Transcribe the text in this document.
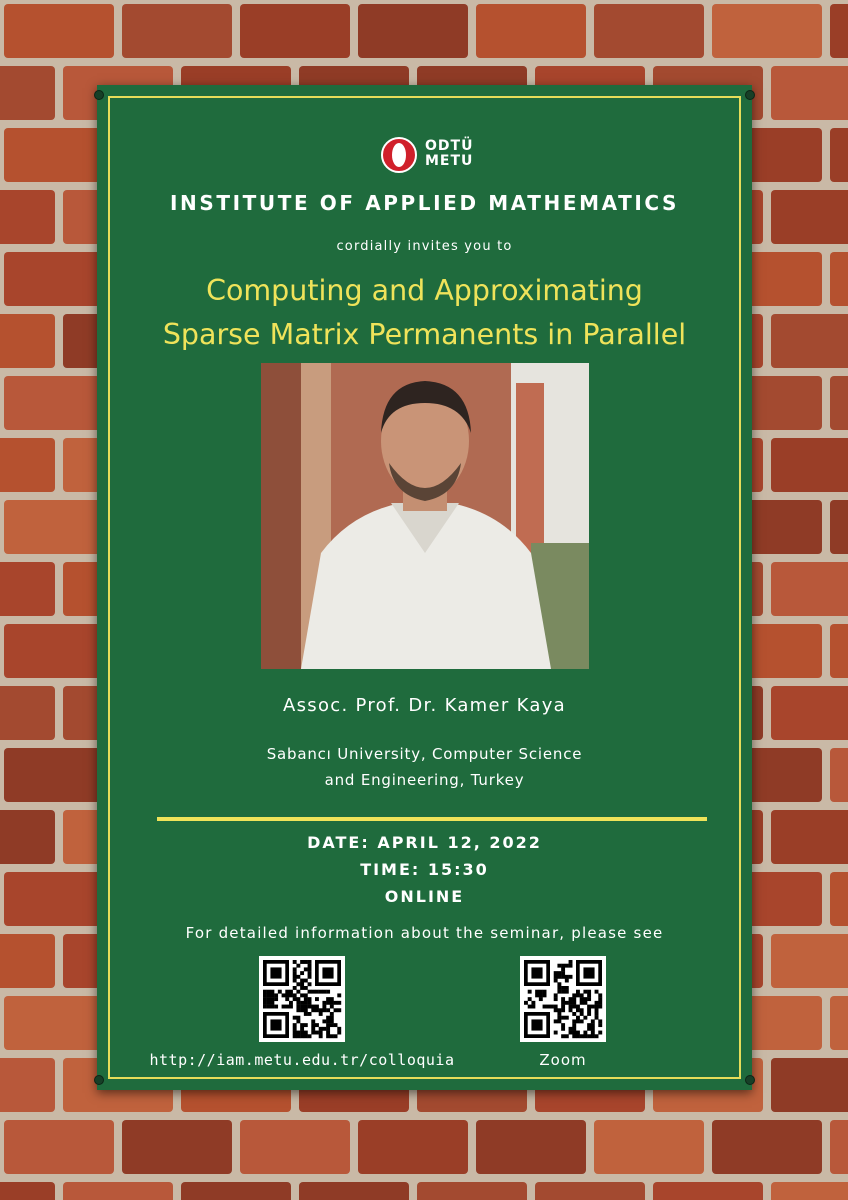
ODTÜ
METU
INSTITUTE OF APPLIED MATHEMATICS
cordially invites you to
Computing and Approximating
Sparse Matrix Permanents in Parallel
Assoc. Prof. Dr. Kamer Kaya
Sabancı University, Computer Science
and Engineering, Turkey
DATE: APRIL 12, 2022
TIME: 15:30
ONLINE
For detailed information about the seminar, please see
http://iam.metu.edu.tr/colloquia	Zoom
